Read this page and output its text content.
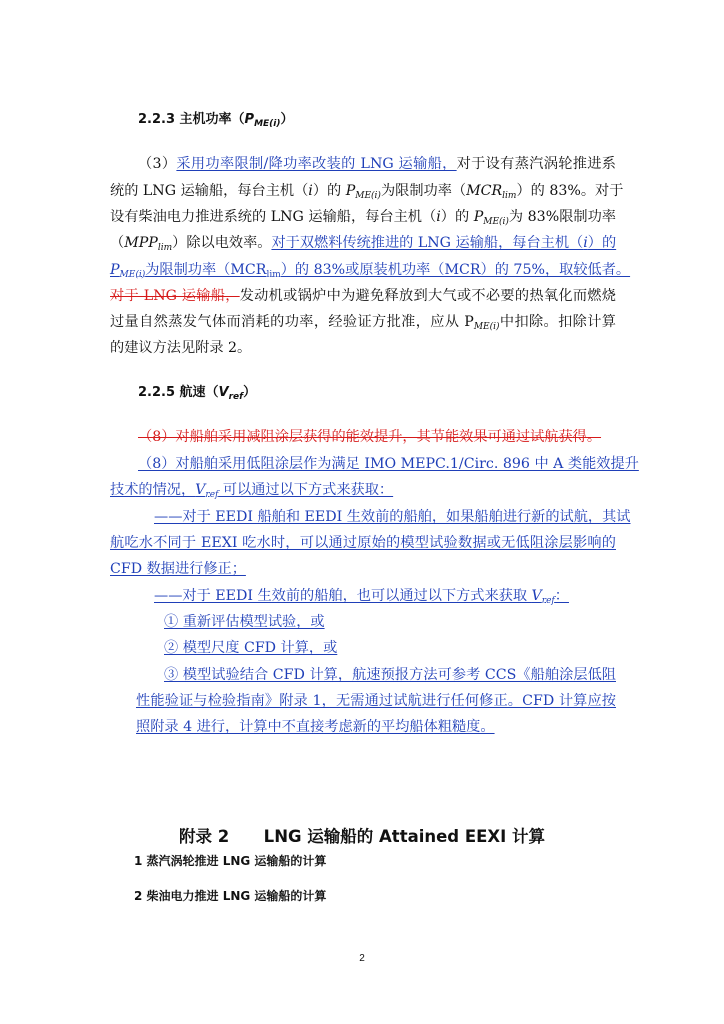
2.2.3 主机功率$(P_{ME(i)})$
（3）采用功率限制/降功率改装的 LNG 运输船，对于设有蒸汽涡轮推进系
统的 LNG 运输船，每台主机（i）的 $P_{ME(i)}$为限制功率$(MCR_{lim})$的 83%。对于
设有柴油电力推进系统的 LNG 运输船，每台主机（i）的 $P_{ME(i)}$为 83%限制功率
$(MPP_{lim})$除以电效率。对于双燃料传统推进的 LNG 运输船，每台主机（i）的
$P_{ME(i)}$为限制功率$(MCR_{lim})$的 83%或原装机功率（MCR）的 75%，取较低者。
对于 LNG 运输船，发动机或锅炉中为避免释放到大气或不必要的热氧化而燃烧
过量自然蒸发气体而消耗的功率，经验证方批准，应从 $P_{ME(i)}$中扣除。扣除计算
的建议方法见附录 2。
2.2.5 航速$(V_{ref})$
（8）对船舶采用减阻涂层获得的能效提升，其节能效果可通过试航获得。
（8）对船舶采用低阻涂层作为满足 IMO MEPC.1/Circ. 896 中 A 类能效提升
技术的情况，$V_{ref}$ 可以通过以下方式来获取：
——对于 EEDI 船舶和 EEDI 生效前的船舶，如果船舶进行新的试航，其试
航吃水不同于 EEXI 吃水时，可以通过原始的模型试验数据或无低阻涂层影响的
CFD 数据进行修正；
——对于 EEDI 生效前的船舶，也可以通过以下方式来获取 $V_{ref}$：
① 重新评估模型试验，或
② 模型尺度 CFD 计算，或
③ 模型试验结合 CFD 计算，航速预报方法可参考 CCS《船舶涂层低阻
性能验证与检验指南》附录 1，无需通过试航进行任何修正。CFD 计算应按
照附录 4 进行，计算中不直接考虑新的平均船体粗糙度。
附录 2      LNG 运输船的 Attained EEXI 计算
1 蒸汽涡轮推进 LNG 运输船的计算
2 柴油电力推进 LNG 运输船的计算
2
